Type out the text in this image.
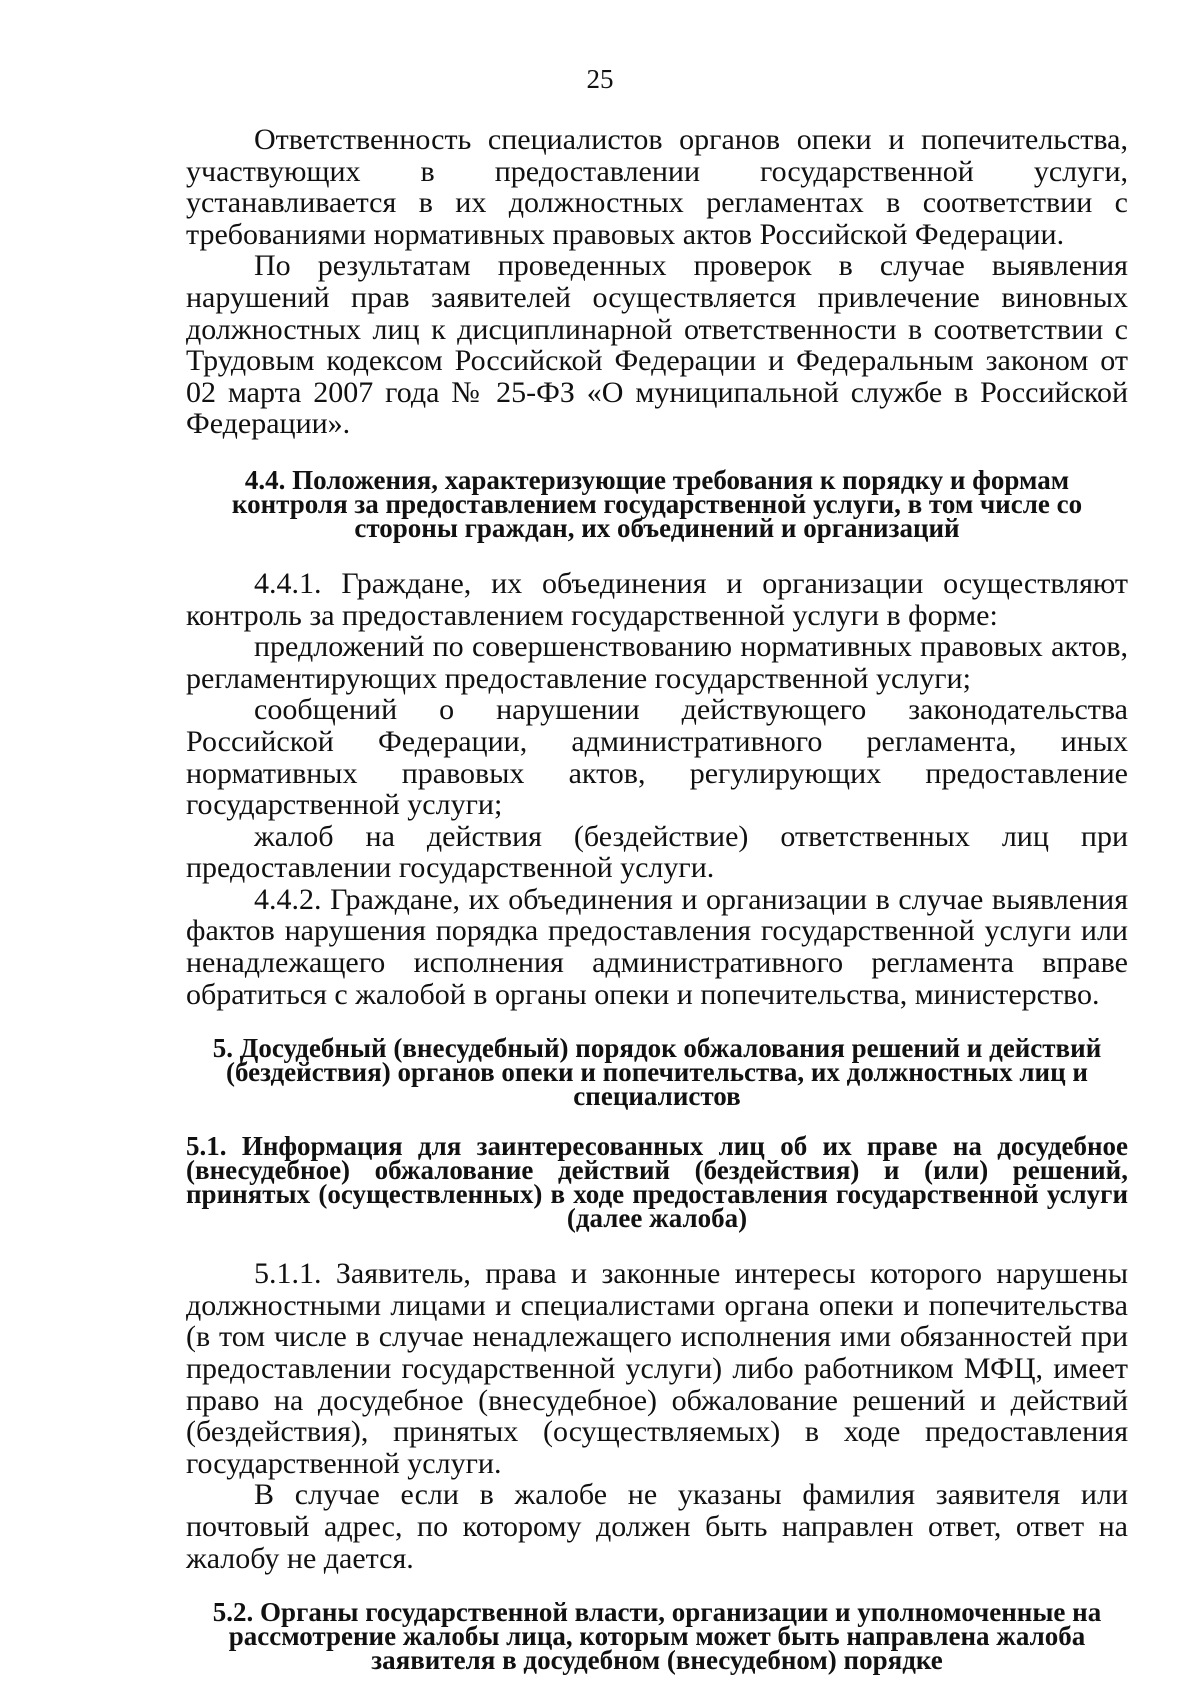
25

Ответственность специалистов органов опеки и попечительства, участвующих в предоставлении государственной услуги, устанавливается в их должностных регламентах в соответствии с требованиями нормативных правовых актов Российской Федерации.

По результатам проведенных проверок в случае выявления нарушений прав заявителей осуществляется привлечение виновных должностных лиц к дисциплинарной ответственности в соответствии с Трудовым кодексом Российской Федерации и Федеральным законом от 02 марта 2007 года № 25-ФЗ «О муниципальной службе в Российской Федерации».

4.4. Положения, характеризующие требования к порядку и формам контроля за предоставлением государственной услуги, в том числе со стороны граждан, их объединений и организаций

4.4.1. Граждане, их объединения и организации осуществляют контроль за предоставлением государственной услуги в форме:

предложений по совершенствованию нормативных правовых актов, регламентирующих предоставление государственной услуги;

сообщений о нарушении действующего законодательства Российской Федерации, административного регламента, иных нормативных правовых актов, регулирующих предоставление государственной услуги;

жалоб на действия (бездействие) ответственных лиц при предоставлении государственной услуги.

4.4.2. Граждане, их объединения и организации в случае выявления фактов нарушения порядка предоставления государственной услуги или ненадлежащего исполнения административного регламента вправе обратиться с жалобой в органы опеки и попечительства, министерство.

5. Досудебный (внесудебный) порядок обжалования решений и действий (бездействия) органов опеки и попечительства, их должностных лиц и специалистов
5.1. Информация для заинтересованных лиц об их праве на досудебное (внесудебное) обжалование действий (бездействия) и (или) решений, принятых (осуществленных) в ходе предоставления государственной услуги (далее жалоба)

5.1.1. Заявитель, права и законные интересы которого нарушены должностными лицами и специалистами органа опеки и попечительства (в том числе в случае ненадлежащего исполнения ими обязанностей при предоставлении государственной услуги) либо работником МФЦ, имеет право на досудебное (внесудебное) обжалование решений и действий (бездействия), принятых (осуществляемых) в ходе предоставления государственной услуги.

В случае если в жалобе не указаны фамилия заявителя или почтовый адрес, по которому должен быть направлен ответ, ответ на жалобу не дается.

5.2. Органы государственной власти, организации и уполномоченные на рассмотрение жалобы лица, которым может быть направлена жалоба заявителя в досудебном (внесудебном) порядке
